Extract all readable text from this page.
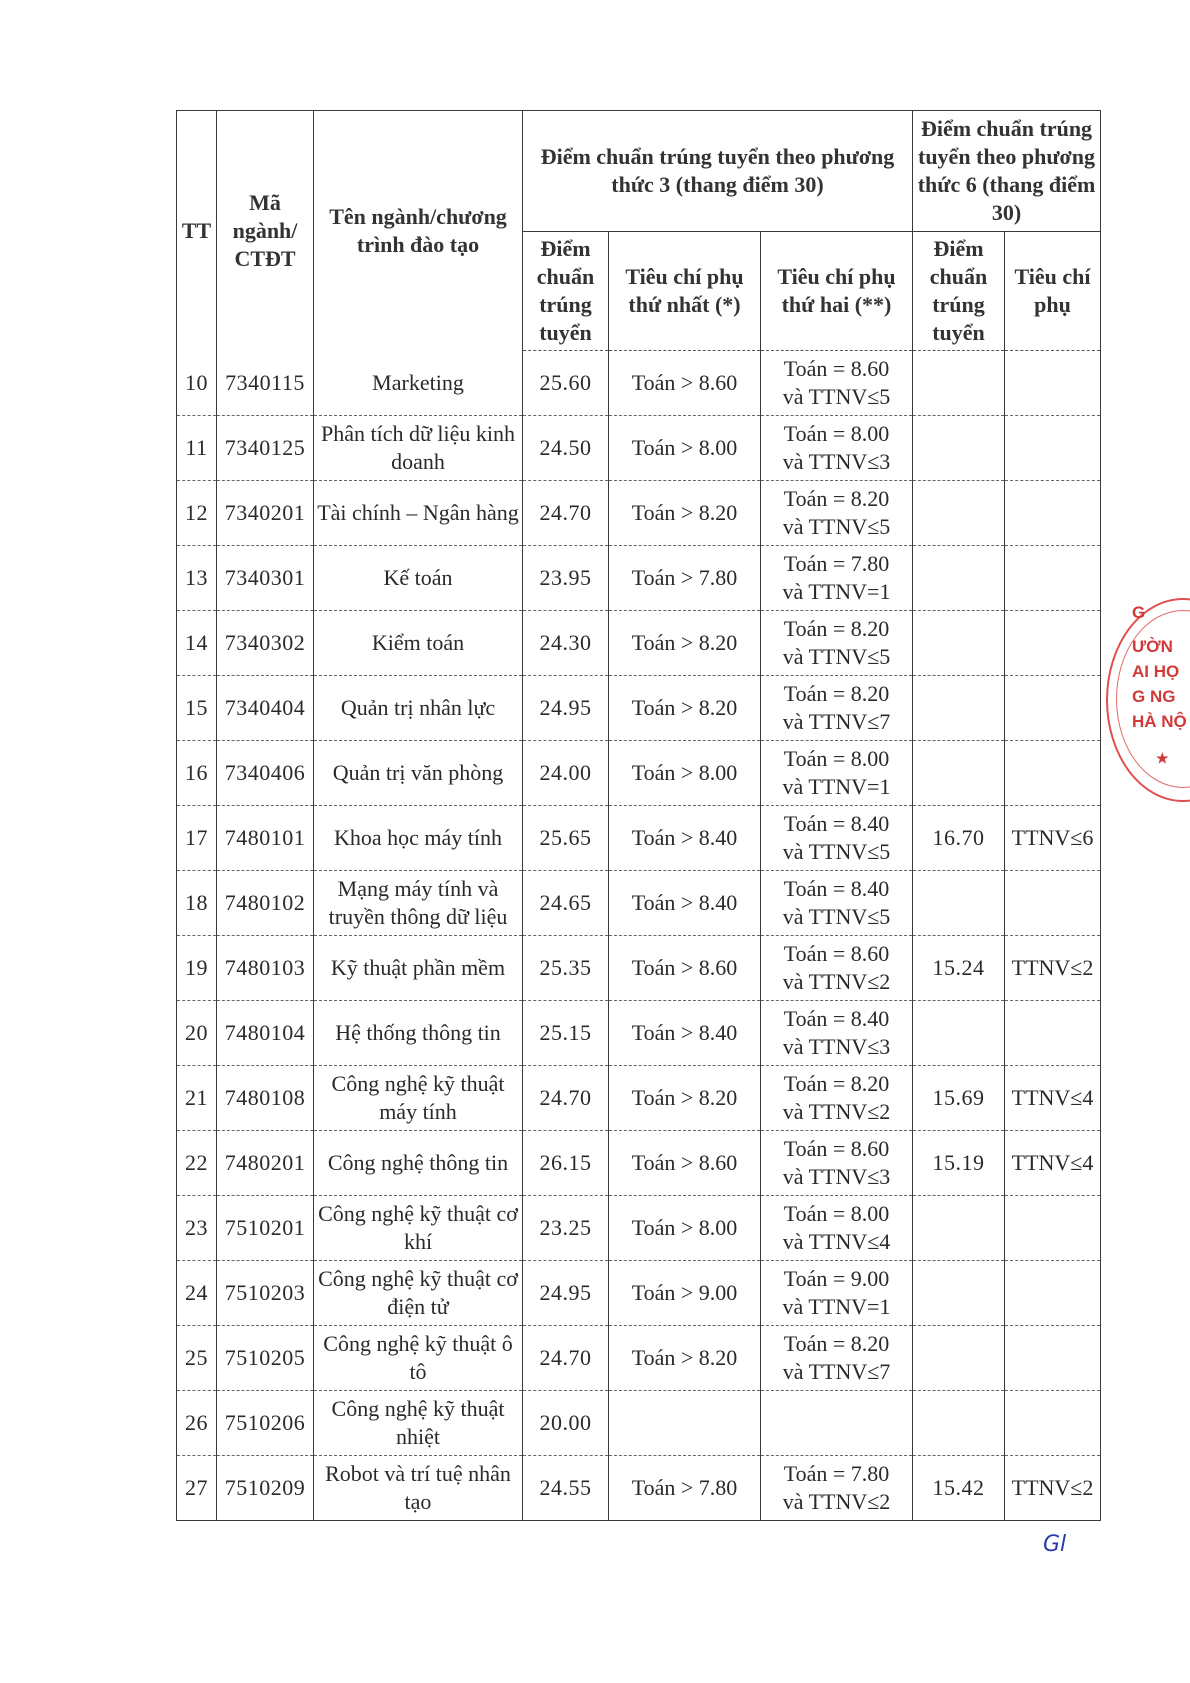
TT	Mã ngành/ CTĐT	Tên ngành/chương trình đào tạo	Điểm chuẩn trúng tuyển theo phương thức 3 (thang điểm 30)			Điểm chuẩn trúng tuyển theo phương thức 6 (thang điểm 30)	
			Điểm chuẩn trúng tuyển	Tiêu chí phụ thứ nhất (*)	Tiêu chí phụ thứ hai (**)	Điểm chuẩn trúng tuyển	Tiêu chí phụ
10	7340115	Marketing	25.60	Toán > 8.60	Toán = 8.60
và TTNV≤5		

11	7340125	Phân tích dữ liệu kinh doanh	24.50	Toán > 8.00	Toán = 8.00
và TTNV≤3		

12	7340201	Tài chính – Ngân hàng	24.70	Toán > 8.20	Toán = 8.20
và TTNV≤5		

13	7340301	Kế toán	23.95	Toán > 7.80	Toán = 7.80
và TTNV=1		

14	7340302	Kiểm toán	24.30	Toán > 8.20	Toán = 8.20
và TTNV≤5		

15	7340404	Quản trị nhân lực	24.95	Toán > 8.20	Toán = 8.20
và TTNV≤7		

16	7340406	Quản trị văn phòng	24.00	Toán > 8.00	Toán = 8.00
và TTNV=1		

17	7480101	Khoa học máy tính	25.65	Toán > 8.40	Toán = 8.40
và TTNV≤5	16.70	TTNV≤6
18	7480102	Mạng máy tính và truyền thông dữ liệu	24.65	Toán > 8.40	Toán = 8.40
và TTNV≤5		

19	7480103	Kỹ thuật phần mềm	25.35	Toán > 8.60	Toán = 8.60
và TTNV≤2	15.24	TTNV≤2
20	7480104	Hệ thống thông tin	25.15	Toán > 8.40	Toán = 8.40
và TTNV≤3		

21	7480108	Công nghệ kỹ thuật máy tính	24.70	Toán > 8.20	Toán = 8.20
và TTNV≤2	15.69	TTNV≤4
22	7480201	Công nghệ thông tin	26.15	Toán > 8.60	Toán = 8.60
và TTNV≤3	15.19	TTNV≤4
23	7510201	Công nghệ kỹ thuật cơ khí	23.25	Toán > 8.00	Toán = 8.00
và TTNV≤4		

24	7510203	Công nghệ kỹ thuật cơ điện tử	24.95	Toán > 9.00	Toán = 9.00
và TTNV=1		

25	7510205	Công nghệ kỹ thuật ô tô	24.70	Toán > 8.20	Toán = 8.20
và TTNV≤7		

26	7510206	Công nghệ kỹ thuật nhiệt	20.00		

27	7510209	Robot và trí tuệ nhân tạo	24.55	Toán > 7.80	Toán = 7.80
và TTNV≤2	15.42	TTNV≤2
G
ƯỜN
AI HỌ
G NG
HÀ NỘ
★
Gl
